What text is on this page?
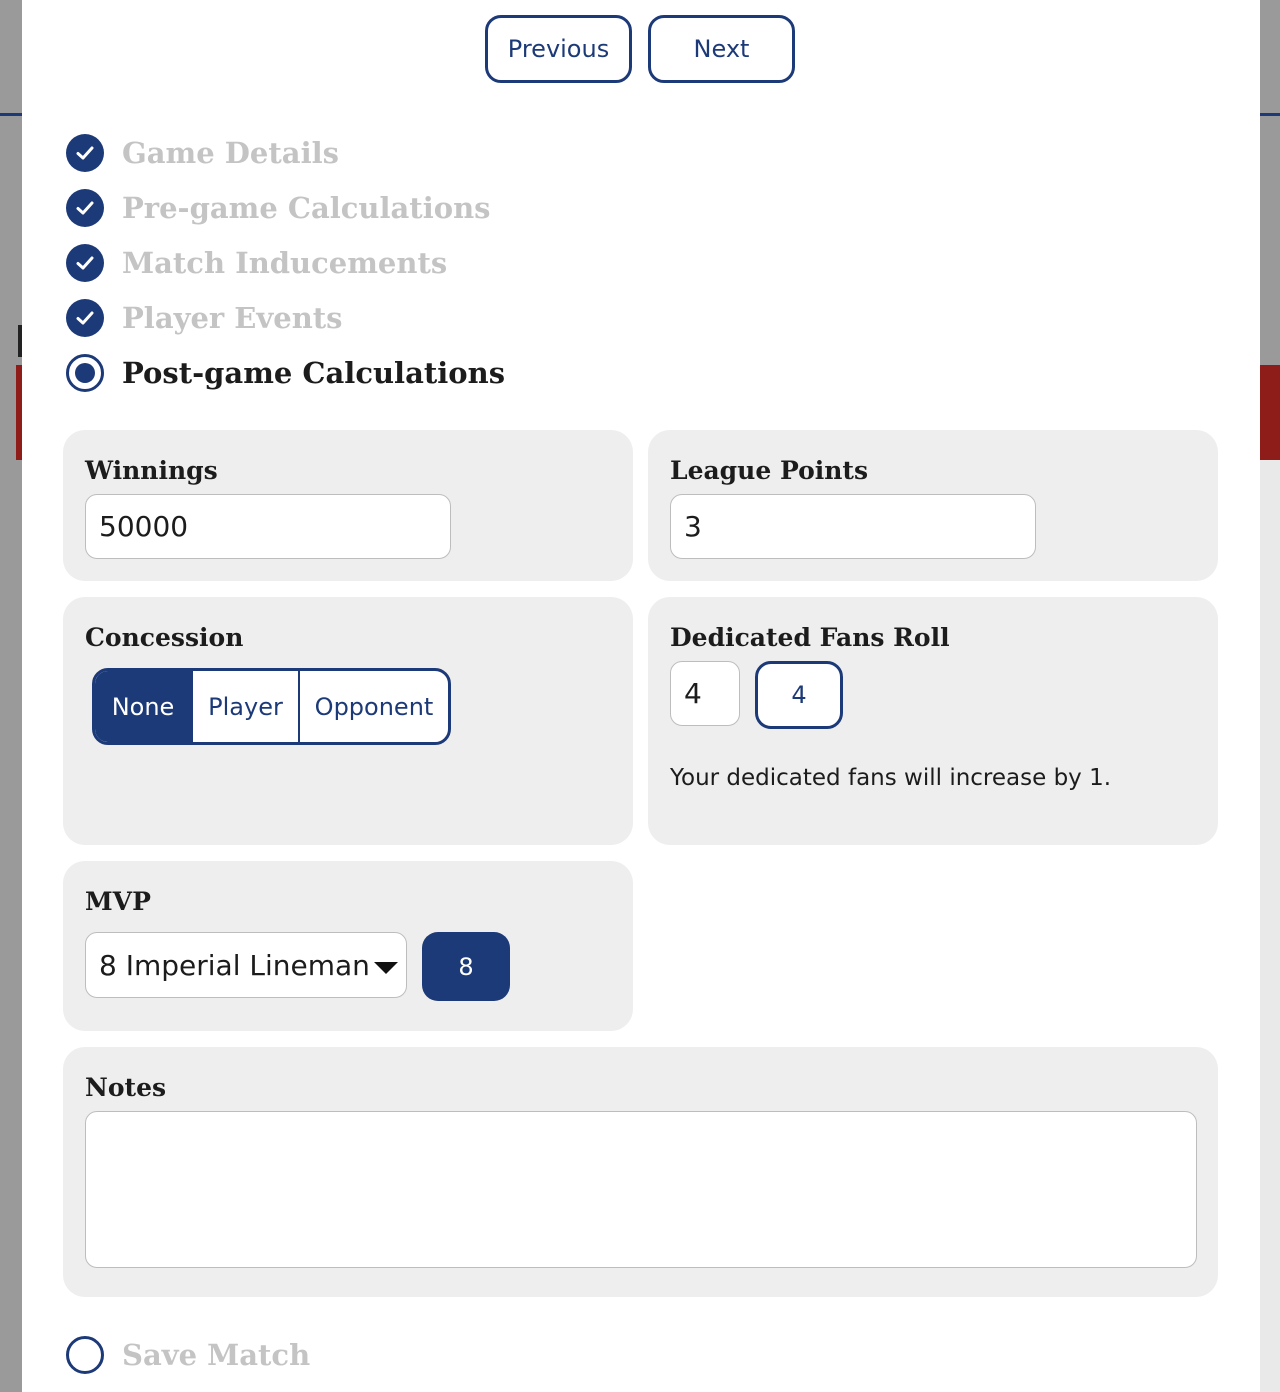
Previous	Next
Game Details
Pre-game Calculations
Match Inducements
Player Events
Post-game Calculations
Winnings
50000
League Points
3
Concession
None	Player	Opponent
Dedicated Fans Roll
4	4
Your dedicated fans will increase by 1.
MVP
8 Imperial Lineman	8
Notes
Save Match
